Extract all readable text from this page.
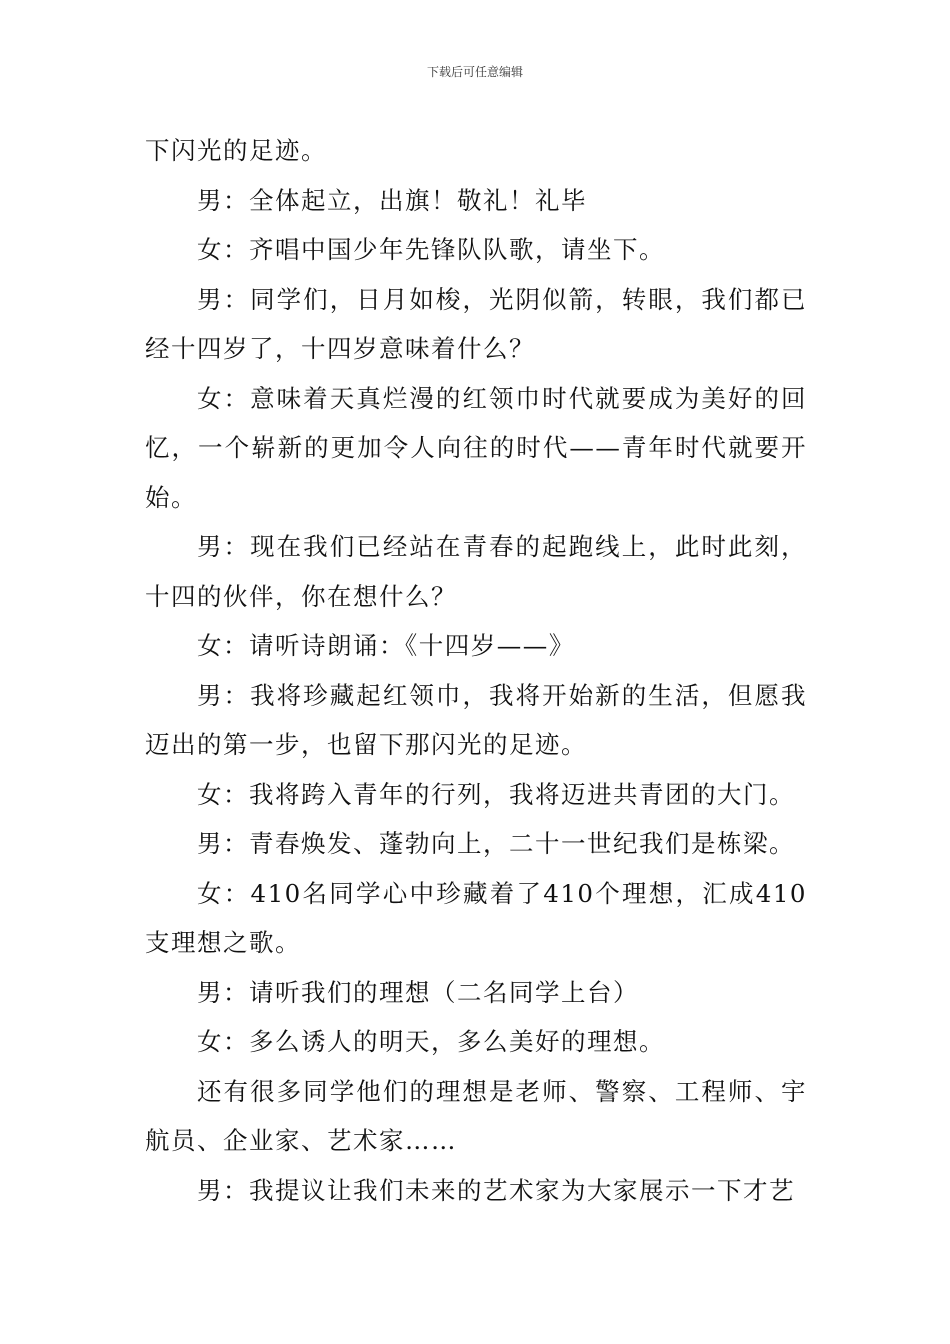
下载后可任意编辑

下闪光的足迹。

男：全体起立，出旗！敬礼！礼毕

女：齐唱中国少年先锋队队歌，请坐下。

男：同学们，日月如梭，光阴似箭，转眼，我们都已经十四岁了，十四岁意味着什么？

女：意味着天真烂漫的红领巾时代就要成为美好的回忆，一个崭新的更加令人向往的时代——青年时代就要开始。

男：现在我们已经站在青春的起跑线上，此时此刻，十四的伙伴，你在想什么？

女：请听诗朗诵：《十四岁——》

男：我将珍藏起红领巾，我将开始新的生活，但愿我迈出的第一步，也留下那闪光的足迹。

女：我将跨入青年的行列，我将迈进共青团的大门。

男：青春焕发、蓬勃向上，二十一世纪我们是栋梁。

女：410名同学心中珍藏着了410个理想，汇成410支理想之歌。

男：请听我们的理想（二名同学上台）

女：多么诱人的明天，多么美好的理想。

还有很多同学他们的理想是老师、警察、工程师、宇航员、企业家、艺术家……

男：我提议让我们未来的艺术家为大家展示一下才艺
